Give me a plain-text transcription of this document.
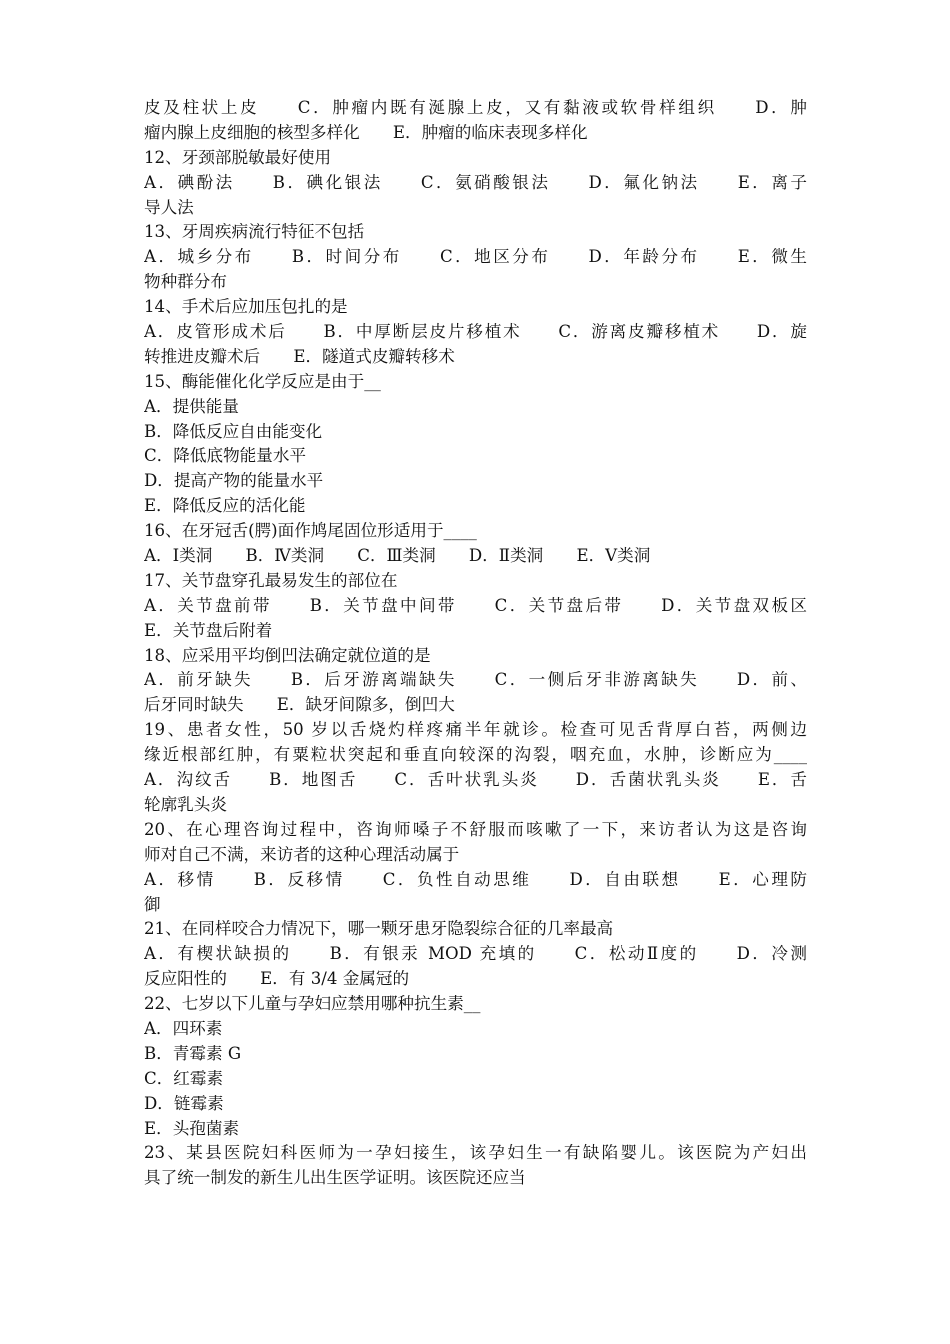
皮及柱状上皮　　C．肿瘤内既有涎腺上皮，又有黏液或软骨样组织　　D．肿
瘤内腺上皮细胞的核型多样化　　E．肿瘤的临床表现多样化
12、牙颈部脱敏最好使用
A．碘酚法　　B．碘化银法　　C．氨硝酸银法　　D．氟化钠法　　E．离子
导人法
13、牙周疾病流行特征不包括
A．城乡分布　　B．时间分布　　C．地区分布　　D．年龄分布　　E．微生
物种群分布
14、手术后应加压包扎的是
A．皮管形成术后　　B．中厚断层皮片移植术　　C．游离皮瓣移植术　　D．旋
转推进皮瓣术后　　E．隧道式皮瓣转移术
15、酶能催化化学反应是由于__
A．提供能量
B．降低反应自由能变化
C．降低底物能量水平
D．提高产物的能量水平
E．降低反应的活化能
16、在牙冠舌(腭)面作鸠尾固位形适用于____
A．Ⅰ类洞　　B．Ⅳ类洞　　C．Ⅲ类洞　　D．Ⅱ类洞　　E．Ⅴ类洞
17、关节盘穿孔最易发生的部位在
A．关节盘前带　　B．关节盘中间带　　C．关节盘后带　　D．关节盘双板区
E．关节盘后附着
18、应采用平均倒凹法确定就位道的是
A．前牙缺失　　B．后牙游离端缺失　　C．一侧后牙非游离缺失　　D．前、
后牙同时缺失　　E．缺牙间隙多，倒凹大
19、患者女性，50 岁以舌烧灼样疼痛半年就诊。检查可见舌背厚白苔，两侧边
缘近根部红肿，有粟粒状突起和垂直向较深的沟裂，咽充血，水肿，诊断应为____
A．沟纹舌　　B．地图舌　　C．舌叶状乳头炎　　D．舌菌状乳头炎　　E．舌
轮廓乳头炎
20、在心理咨询过程中，咨询师嗓子不舒服而咳嗽了一下，来访者认为这是咨询
师对自己不满，来访者的这种心理活动属于
A．移情　　B．反移情　　C．负性自动思维　　D．自由联想　　E．心理防
御
21、在同样咬合力情况下，哪一颗牙患牙隐裂综合征的几率最高
A．有楔状缺损的　　B．有银汞 MOD 充填的　　C．松动Ⅱ度的　　D．冷测
反应阳性的　　E．有 3/4 金属冠的
22、七岁以下儿童与孕妇应禁用哪种抗生素__
A．四环素
B．青霉素 G
C．红霉素
D．链霉素
E．头孢菌素
23、某县医院妇科医师为一孕妇接生，该孕妇生一有缺陷婴儿。该医院为产妇出
具了统一制发的新生儿出生医学证明。该医院还应当
